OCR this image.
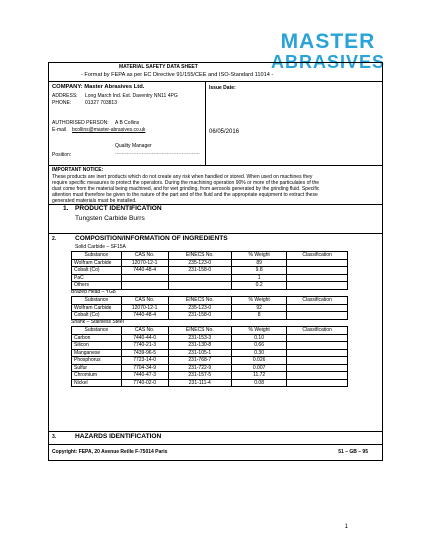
MASTER
ABRASIVES
MATERIAL SAFETY DATA SHEET
- Format by FEPA as per EC Directive 91/155/CEE and ISO-Standard 11014 -
COMPANY: Master Abrasives Ltd.
ADDRESS: Long March Ind. Est. Daventry NN11 4PG
PHONE:	01327 703813
AUTHORISED PERSON: A B Collins
E-mail bcollins@master-abrasives.co.uk
Quality Manager
Position:	……………………………………………
Issue Date:
06/05/2016
IMPORTANT NOTICE:
These products are inert products which do not create any risk when handled or stored. When used on machines they
require specific measures to protect the operators. During the machining operation 90% or more of the particulates of the
dust come from the material being machined, and for wet grinding, from aerosols generated by the grinding fluid. Specific
attention must therefore be given to the nature of the part and of the fluid and the appropriate equipment to extract these
generated materials must be installed.
1. PRODUCT IDENTIFICATION
Tungsten Carbide Burrs
2.	COMPOSITION/INFORMATION OF INGREDIENTS
Solid Carbide – SF15A
Substance	CAS No.	EINECS No.	% Weight	Classification
Wolfram Carbide	12070-12-1	235-123-0	89	
Cobalt (Co)	7440-48-4	231-158-0	9.8	
PaC			1	
Others			0.2	
Brazed Head – YG8
Substance	CAS No.	EINECS No.	% Weight	Classification
Wolfram Carbide	12070-12-1	235-123-0	92	
Cobalt (Co)	7440-48-4	231-158-0	8	
Shank – Stainless Steel
Substance	CAS No.	EINECS No.	% Weight	Classification
Carbon	7440-44-0	231-153-3	0.10	
Silicon	7740-21-3	231-130-8	0.66	
Manganese	7439-96-5	231-105-1	0.30	
Phosphorus	7723-14-0	231-768-7	0.026	
Sulfur	7704-34-9	231-722-9	0.007	
Chromium	7440-47-3	231-157-5	11.72	
Nickel	7740-02-0	231-111-4	0.08	
3.	HAZARDS IDENTIFICATION
Copyright: FEPA, 20 Avenue Reille F-75014 Paris	51 – GB – 95
1
